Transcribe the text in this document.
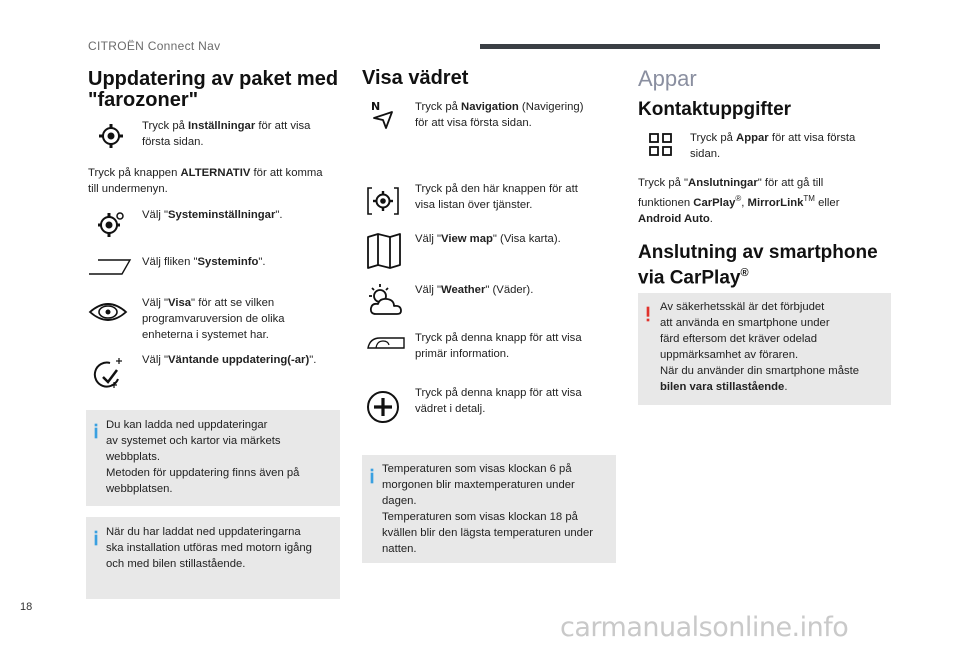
CITROËN Connect Nav
Uppdatering av paket med
"farozoner"
Tryck på Inställningar för att visa
första sidan.
Tryck på knappen ALTERNATIV för att komma
till undermenyn.
Välj "Systeminställningar".
Välj fliken "Systeminfo".
Välj "Visa" för att se vilken
programvaruversion de olika
enheterna i systemet har.
Välj "Väntande uppdatering(-ar)".
Du kan ladda ned uppdateringar
av systemet och kartor via märkets
webbplats.
Metoden för uppdatering finns även på
webbplatsen.
När du har laddat ned uppdateringarna
ska installation utföras med motorn igång
och med bilen stillastående.
Visa vädret
N	Tryck på Navigation (Navigering)
för att visa första sidan.
Tryck på den här knappen för att
visa listan över tjänster.
Välj "View map" (Visa karta).
Välj "Weather" (Väder).
Tryck på denna knapp för att visa
primär information.
Tryck på denna knapp för att visa
vädret i detalj.
Temperaturen som visas klockan 6 på
morgonen blir maxtemperaturen under
dagen.
Temperaturen som visas klockan 18 på
kvällen blir den lägsta temperaturen under
natten.
Appar
Kontaktuppgifter
Tryck på Appar för att visa första
sidan.
Tryck på "Anslutningar" för att gå till
funktionen CarPlay®, MirrorLink™ eller
Android Auto.
Anslutning av smartphone
via CarPlay®
Av säkerhetsskäl är det förbjudet
att använda en smartphone under
färd eftersom det kräver odelad
uppmärksamhet av föraren.
När du använder din smartphone måste
bilen vara stillastående.
18
carmanualsonline.info
